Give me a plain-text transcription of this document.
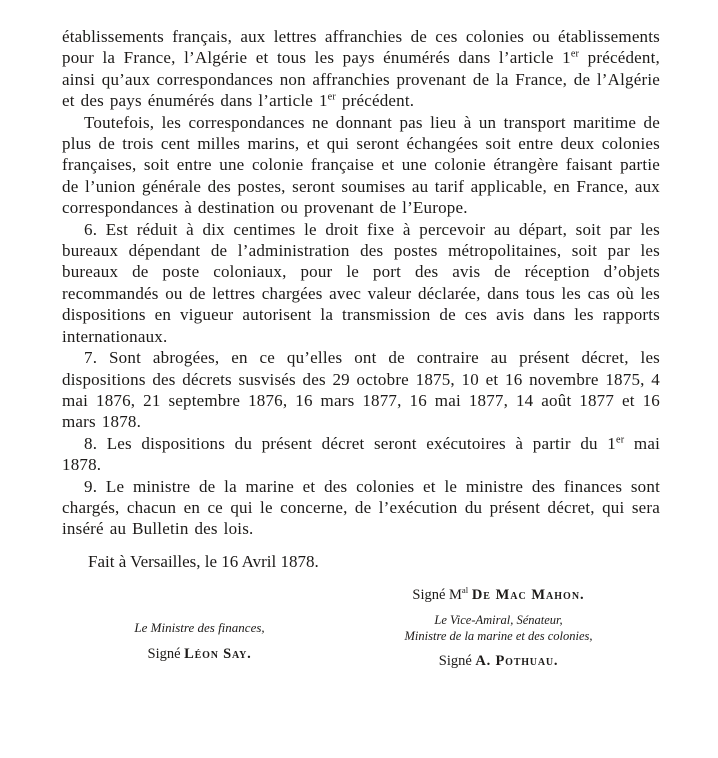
établissements français, aux lettres affranchies de ces colonies ou établissements pour la France, l’Algérie et tous les pays énumérés dans l’article 1er précédent, ainsi qu’aux correspondances non affranchies provenant de la France, de l’Algérie et des pays énumérés dans l’article 1er précédent.

Toutefois, les correspondances ne donnant pas lieu à un transport maritime de plus de trois cent milles marins, et qui seront échangées soit entre deux colonies françaises, soit entre une colonie française et une colonie étrangère faisant partie de l’union générale des postes, seront soumises au tarif applicable, en France, aux correspondances à destination ou provenant de l’Europe.

6. Est réduit à dix centimes le droit fixe à percevoir au départ, soit par les bureaux dépendant de l’administration des postes métropolitaines, soit par les bureaux de poste coloniaux, pour le port des avis de réception d’objets recommandés ou de lettres chargées avec valeur déclarée, dans tous les cas où les dispositions en vigueur autorisent la transmission de ces avis dans les rapports internationaux.

7. Sont abrogées, en ce qu’elles ont de contraire au présent décret, les dispositions des décrets susvisés des 29 octobre 1875, 10 et 16 novembre 1875, 4 mai 1876, 21 septembre 1876, 16 mars 1877, 16 mai 1877, 14 août 1877 et 16 mars 1878.

8. Les dispositions du présent décret seront exécutoires à partir du 1er mai 1878.

9. Le ministre de la marine et des colonies et le ministre des finances sont chargés, chacun en ce qui le concerne, de l’exécution du présent décret, qui sera inséré au Bulletin des lois.

Fait à Versailles, le 16 Avril 1878.

Signé $M^{al}$ De Mac Mahon.
Le Ministre des finances,
Signé Léon Say.
Le Vice-Amiral, Sénateur,
Ministre de la marine et des colonies,
Signé A. Pothuau.
